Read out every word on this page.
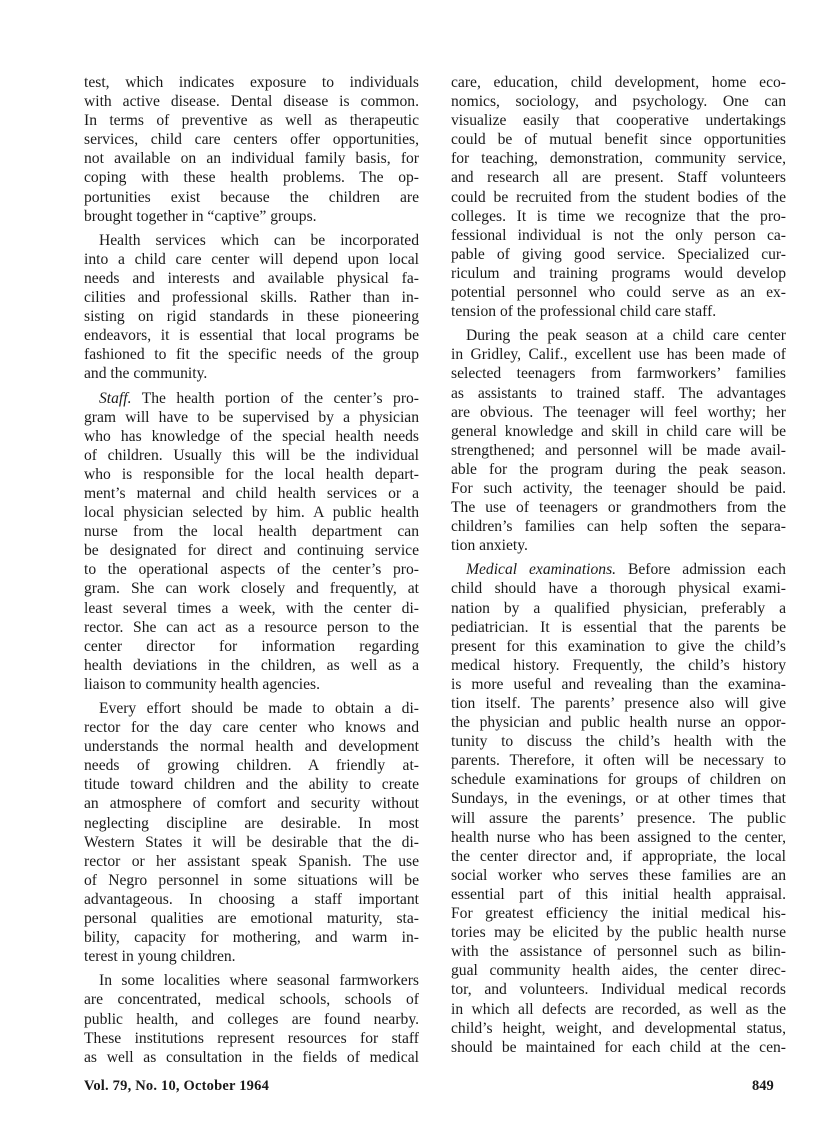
test, which indicates exposure to individuals
with active disease. Dental disease is common.
In terms of preventive as well as therapeutic
services, child care centers offer opportunities,
not available on an individual family basis, for
coping with these health problems. The op-
portunities exist because the children are
brought together in “captive” groups.
Health services which can be incorporated
into a child care center will depend upon local
needs and interests and available physical fa-
cilities and professional skills. Rather than in-
sisting on rigid standards in these pioneering
endeavors, it is essential that local programs be
fashioned to fit the specific needs of the group
and the community.
Staff. The health portion of the center’s pro-
gram will have to be supervised by a physician
who has knowledge of the special health needs
of children. Usually this will be the individual
who is responsible for the local health depart-
ment’s maternal and child health services or a
local physician selected by him. A public health
nurse from the local health department can
be designated for direct and continuing service
to the operational aspects of the center’s pro-
gram. She can work closely and frequently, at
least several times a week, with the center di-
rector. She can act as a resource person to the
center director for information regarding
health deviations in the children, as well as a
liaison to community health agencies.
Every effort should be made to obtain a di-
rector for the day care center who knows and
understands the normal health and development
needs of growing children. A friendly at-
titude toward children and the ability to create
an atmosphere of comfort and security without
neglecting discipline are desirable. In most
Western States it will be desirable that the di-
rector or her assistant speak Spanish. The use
of Negro personnel in some situations will be
advantageous. In choosing a staff important
personal qualities are emotional maturity, sta-
bility, capacity for mothering, and warm in-
terest in young children.
In some localities where seasonal farmworkers
are concentrated, medical schools, schools of
public health, and colleges are found nearby.
These institutions represent resources for staff
as well as consultation in the fields of medical
care, education, child development, home eco-
nomics, sociology, and psychology. One can
visualize easily that cooperative undertakings
could be of mutual benefit since opportunities
for teaching, demonstration, community service,
and research all are present. Staff volunteers
could be recruited from the student bodies of the
colleges. It is time we recognize that the pro-
fessional individual is not the only person ca-
pable of giving good service. Specialized cur-
riculum and training programs would develop
potential personnel who could serve as an ex-
tension of the professional child care staff.
During the peak season at a child care center
in Gridley, Calif., excellent use has been made of
selected teenagers from farmworkers’ families
as assistants to trained staff. The advantages
are obvious. The teenager will feel worthy; her
general knowledge and skill in child care will be
strengthened; and personnel will be made avail-
able for the program during the peak season.
For such activity, the teenager should be paid.
The use of teenagers or grandmothers from the
children’s families can help soften the separa-
tion anxiety.
Medical examinations. Before admission each
child should have a thorough physical exami-
nation by a qualified physician, preferably a
pediatrician. It is essential that the parents be
present for this examination to give the child’s
medical history. Frequently, the child’s history
is more useful and revealing than the examina-
tion itself. The parents’ presence also will give
the physician and public health nurse an oppor-
tunity to discuss the child’s health with the
parents. Therefore, it often will be necessary to
schedule examinations for groups of children on
Sundays, in the evenings, or at other times that
will assure the parents’ presence. The public
health nurse who has been assigned to the center,
the center director and, if appropriate, the local
social worker who serves these families are an
essential part of this initial health appraisal.
For greatest efficiency the initial medical his-
tories may be elicited by the public health nurse
with the assistance of personnel such as bilin-
gual community health aides, the center direc-
tor, and volunteers. Individual medical records
in which all defects are recorded, as well as the
child’s height, weight, and developmental status,
should be maintained for each child at the cen-
Vol. 79, No. 10, October 1964	849
